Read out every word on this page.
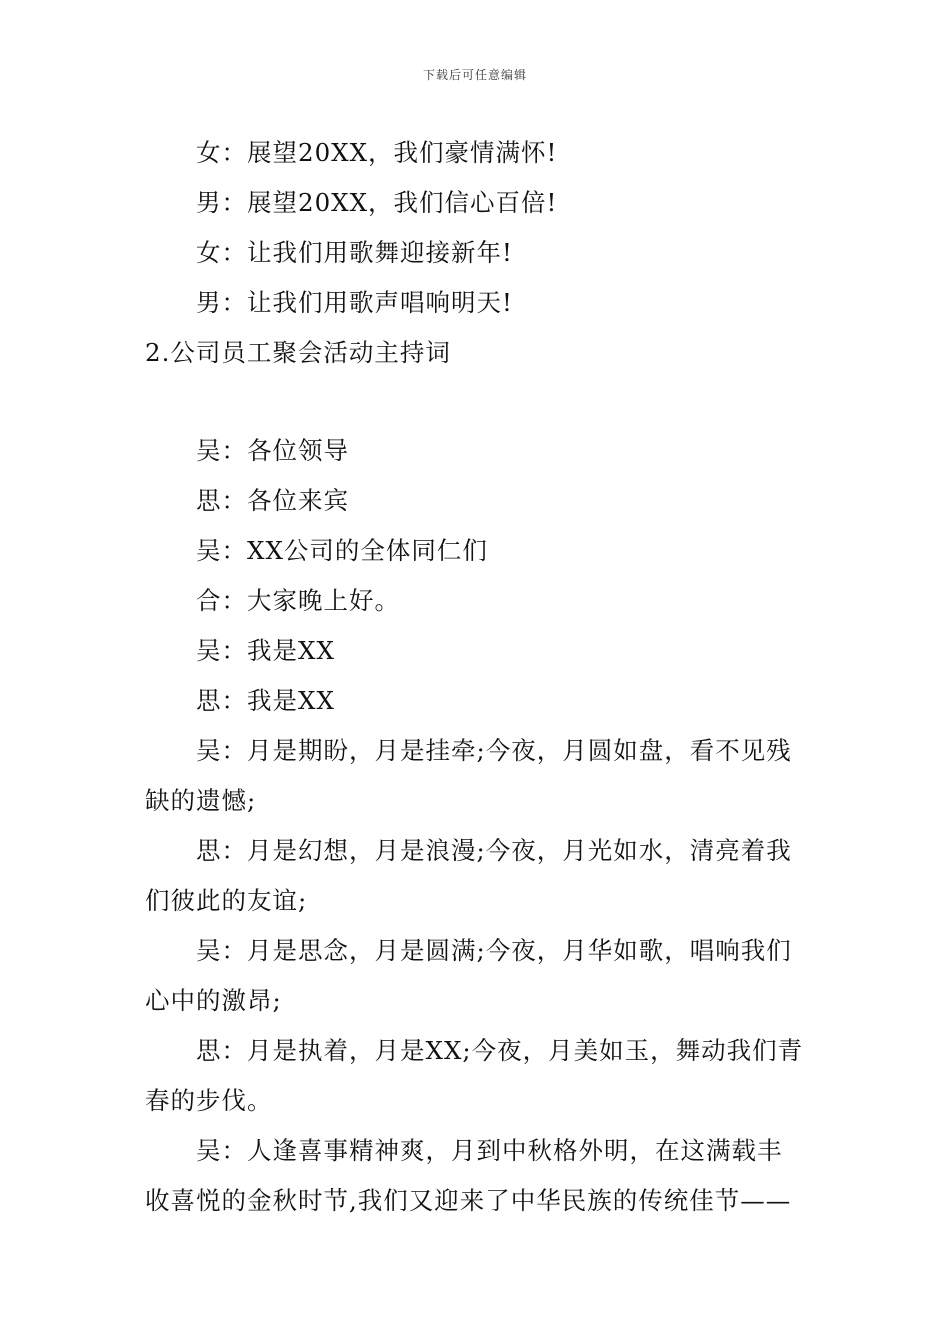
下载后可任意编辑
女：展望20XX，我们豪情满怀!
男：展望20XX，我们信心百倍!
女：让我们用歌舞迎接新年!
男：让我们用歌声唱响明天!
2.公司员工聚会活动主持词
吴：各位领导
思：各位来宾
吴：XX公司的全体同仁们
合：大家晚上好。
吴：我是XX
思：我是XX
吴：月是期盼，月是挂牵;今夜，月圆如盘，看不见残
缺的遗憾;
思：月是幻想，月是浪漫;今夜，月光如水，清亮着我
们彼此的友谊;
吴：月是思念，月是圆满;今夜，月华如歌，唱响我们
心中的激昂;
思：月是执着，月是XX;今夜，月美如玉，舞动我们青
春的步伐。
吴：人逢喜事精神爽，月到中秋格外明，在这满载丰
收喜悦的金秋时节,我们又迎来了中华民族的传统佳节——
